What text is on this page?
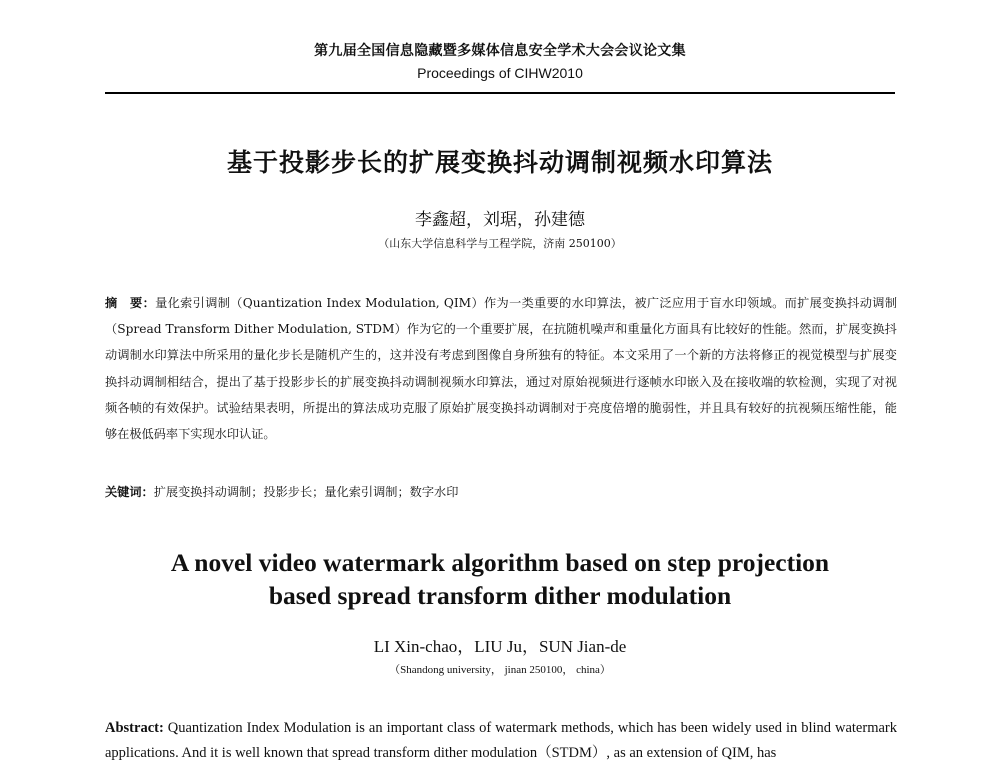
第九届全国信息隐藏暨多媒体信息安全学术大会会议论文集
Proceedings of CIHW2010
基于投影步长的扩展变换抖动调制视频水印算法
李鑫超，刘琚，孙建德
（山东大学信息科学与工程学院，济南 250100）
摘　要：量化索引调制（Quantization Index Modulation, QIM）作为一类重要的水印算法，被广泛应用于盲水印领域。而扩展变换抖动调制（Spread Transform Dither Modulation, STDM）作为它的一个重要扩展，在抗随机噪声和重量化方面具有比较好的性能。然而，扩展变换抖动调制水印算法中所采用的量化步长是随机产生的，这并没有考虑到图像自身所独有的特征。本文采用了一个新的方法将修正的视觉模型与扩展变换抖动调制相结合，提出了基于投影步长的扩展变换抖动调制视频水印算法，通过对原始视频进行逐帧水印嵌入及在接收端的软检测，实现了对视频各帧的有效保护。试验结果表明，所提出的算法成功克服了原始扩展变换抖动调制对于亮度倍增的脆弱性，并且具有较好的抗视频压缩性能，能够在极低码率下实现水印认证。
关键词：扩展变换抖动调制；投影步长；量化索引调制；数字水印
A novel video watermark algorithm based on step projection
based spread transform dither modulation
LI Xin-chao，LIU Ju，SUN Jian-de
（Shandong university， jinan 250100， china）
Abstract: Quantization Index Modulation is an important class of watermark methods, which has been widely used in blind watermark applications. And it is well known that spread transform dither modulation（STDM）, as an extension of QIM, has
